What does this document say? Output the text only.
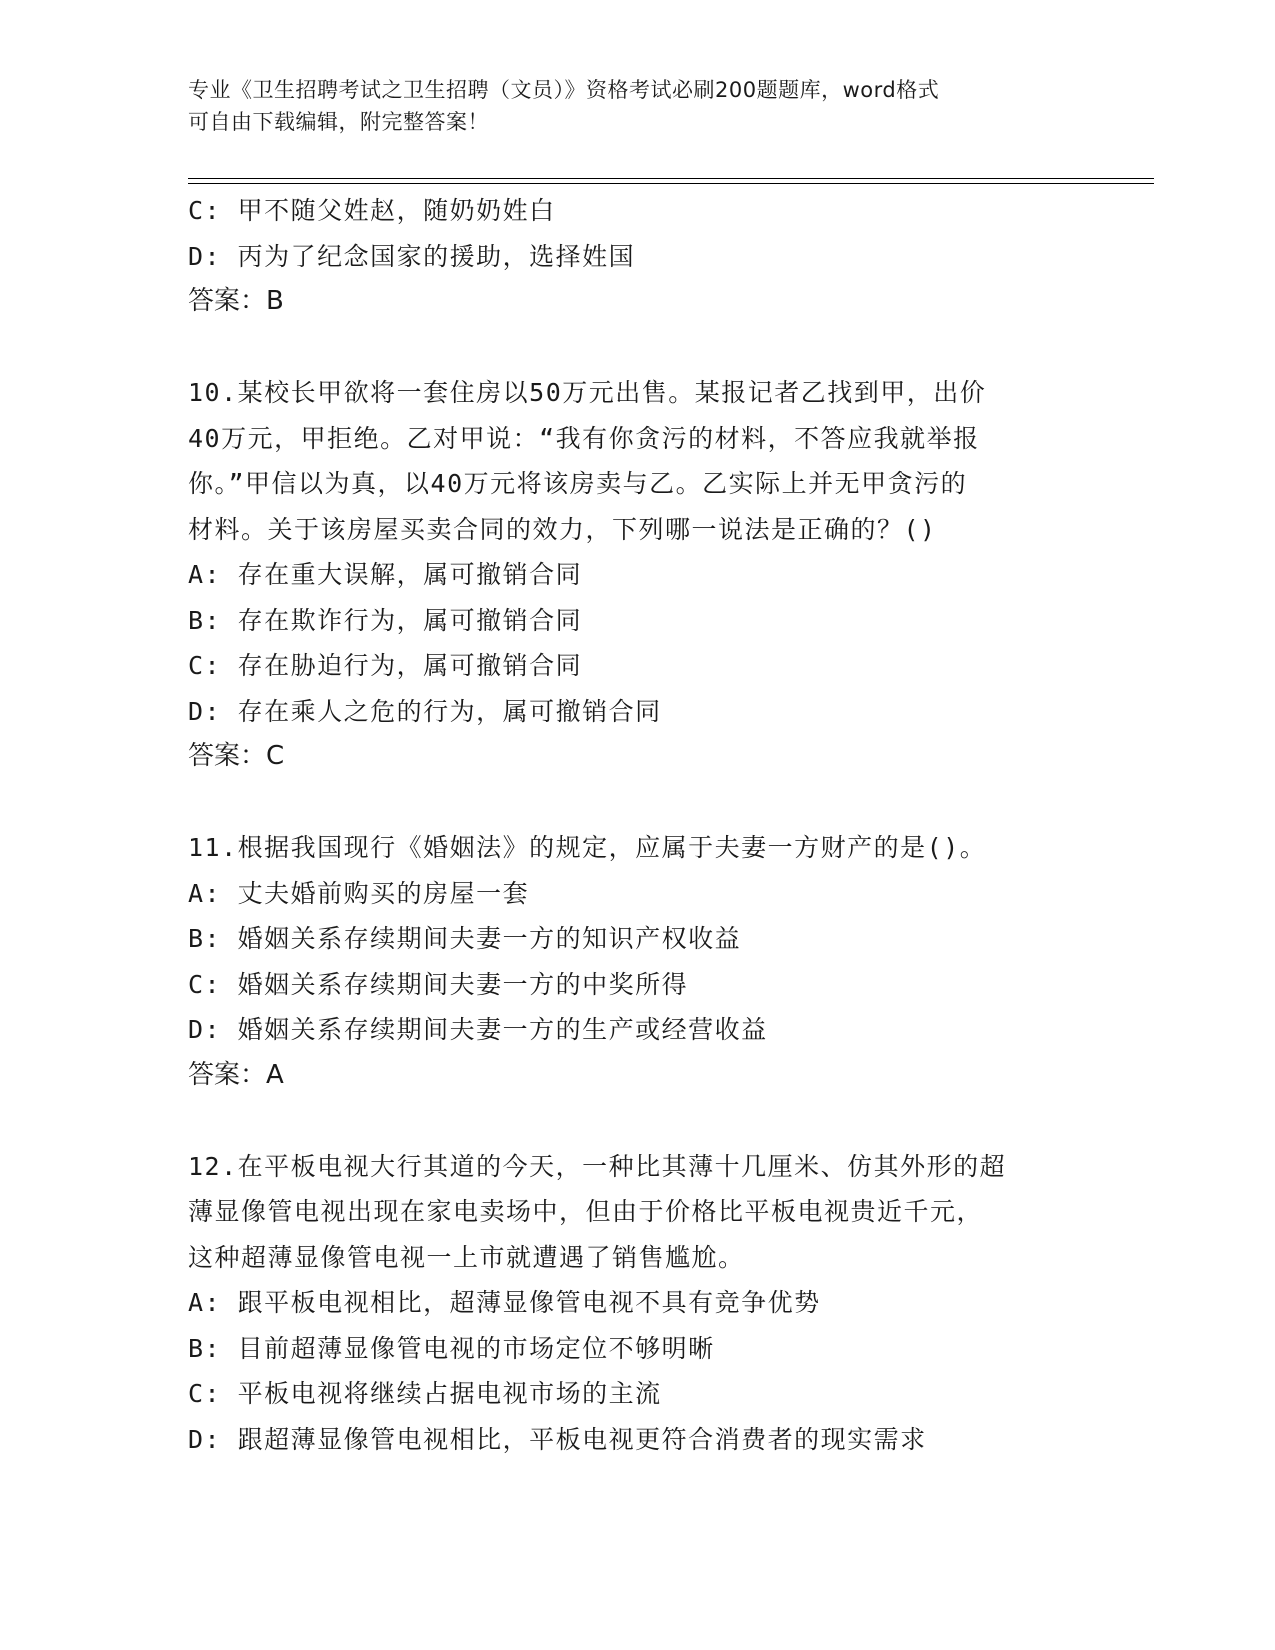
专业《卫生招聘考试之卫生招聘（文员）》资格考试必刷200题题库，word格式
可自由下载编辑，附完整答案！
C: 甲不随父姓赵，随奶奶姓白
D: 丙为了纪念国家的援助，选择姓国
答案：B
10.某校长甲欲将一套住房以50万元出售。某报记者乙找到甲，出价
40万元，甲拒绝。乙对甲说：“我有你贪污的材料，不答应我就举报
你。”甲信以为真，以40万元将该房卖与乙。乙实际上并无甲贪污的
材料。关于该房屋买卖合同的效力，下列哪一说法是正确的？()
A: 存在重大误解，属可撤销合同
B: 存在欺诈行为，属可撤销合同
C: 存在胁迫行为，属可撤销合同
D: 存在乘人之危的行为，属可撤销合同
答案：C
11.根据我国现行《婚姻法》的规定，应属于夫妻一方财产的是()。
A: 丈夫婚前购买的房屋一套
B: 婚姻关系存续期间夫妻一方的知识产权收益
C: 婚姻关系存续期间夫妻一方的中奖所得
D: 婚姻关系存续期间夫妻一方的生产或经营收益
答案：A
12.在平板电视大行其道的今天，一种比其薄十几厘米、仿其外形的超
薄显像管电视出现在家电卖场中，但由于价格比平板电视贵近千元，
这种超薄显像管电视一上市就遭遇了销售尴尬。
A: 跟平板电视相比，超薄显像管电视不具有竞争优势
B: 目前超薄显像管电视的市场定位不够明晰
C: 平板电视将继续占据电视市场的主流
D: 跟超薄显像管电视相比，平板电视更符合消费者的现实需求
